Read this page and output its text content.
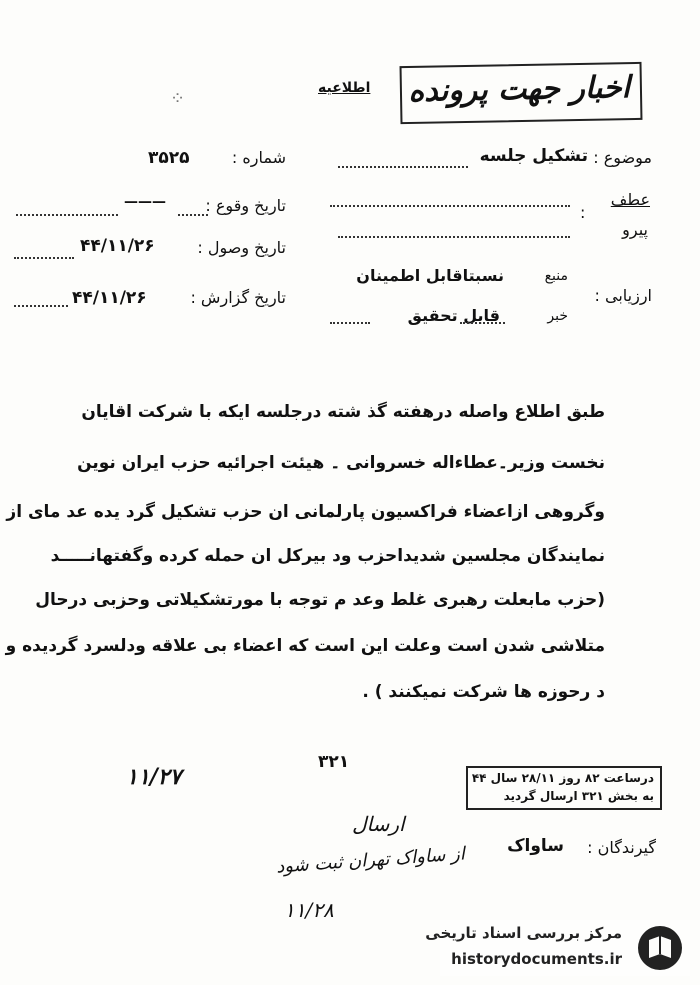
اخبار جهت پرونده
اطلاعیه
⁘
موضوع :
تشکیل جلسه
شماره :
۳۵۲۵
عطف
:
پیرو
تاریخ وقوع :
———
تاریخ وصول :
۴۴/۱۱/۲۶
تاریخ گزارش :
۴۴/۱۱/۲۶	ارزیابی :
منبع
نسبتاقابل اطمینان
خبر
قابل تحقیق
طبق اطلاع واصله درهفته گذ شته درجلسه ایکه با شرکت اقایان
نخست وزیر۔عطاءاله خسروانی ۔ هیئت اجرائیه حزب ایران نوین
وگروهی ازاعضاء فراکسیون پارلمانی ان حزب تشکیل گرد یده عد مای از
نمایندگان مجلسین شدیداحزب ود بیرکل ان حمله کرده وگفتهانـــــد
(حزب مابعلت رهبری غلط وعد م توجه با مورتشکیلاتی وحزبی درحال
متلاشی شدن است وعلت این است که اعضاء بی علاقه ودلسرد گردیده و
د رحوزه ها شرکت نمیکنند ) .
۳۲۱
۱۱/۲۷	درساعت ۸۲ روز ۲۸/۱۱ سال ۴۴
به بخش ۳۲۱ ارسال گردید
ارسال
گیرندگان :
ساواک
از ساواک تهران ثبت شود
۱۱/۲۸
مرکز بررسی اسناد تاریخی
historydocuments.ir
